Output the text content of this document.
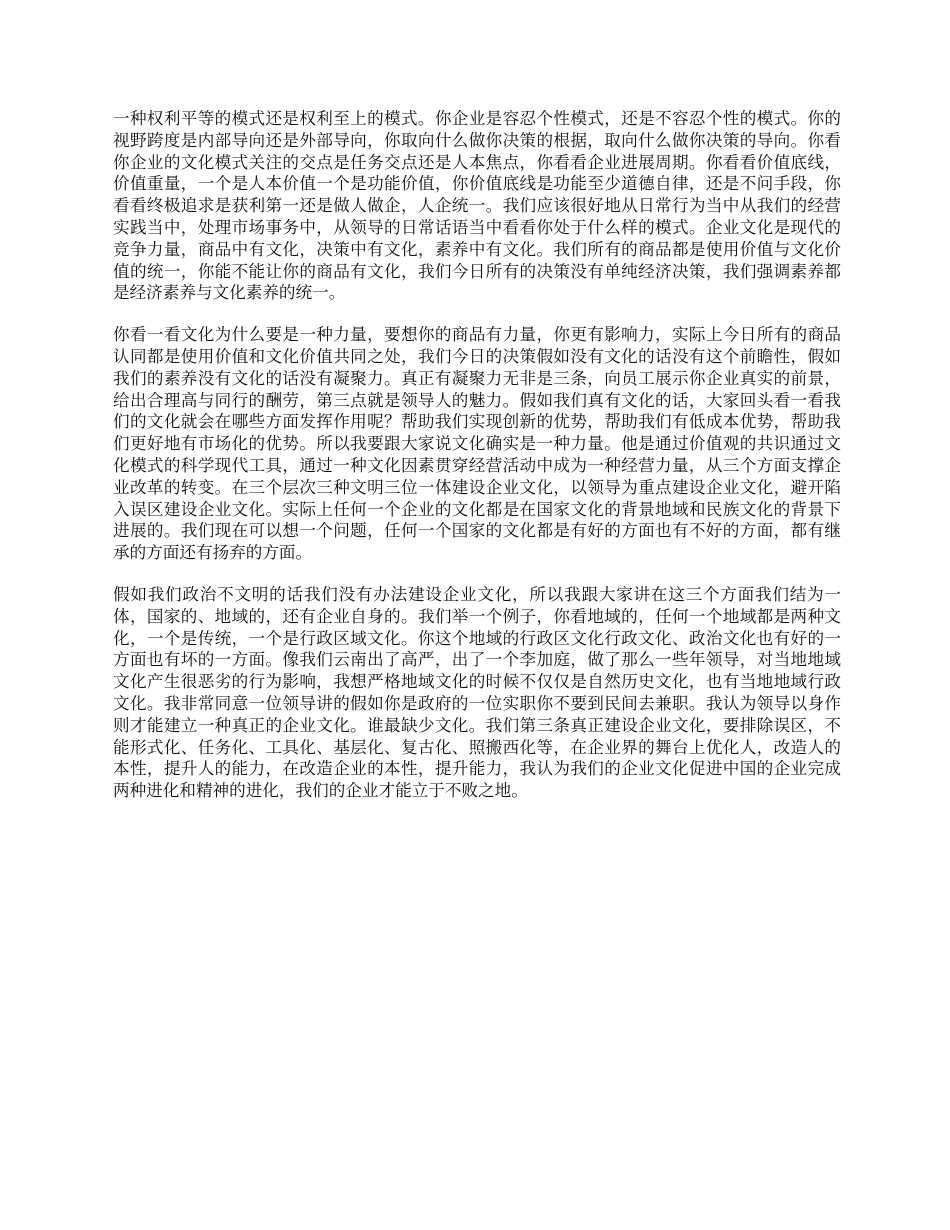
一种权利平等的模式还是权利至上的模式。你企业是容忍个性模式，还是不容忍个性的模式。你的视野跨度是内部导向还是外部导向，你取向什么做你决策的根据，取向什么做你决策的导向。你看你企业的文化模式关注的交点是任务交点还是人本焦点，你看看企业进展周期。你看看价值底线，价值重量，一个是人本价值一个是功能价值，你价值底线是功能至少道德自律，还是不问手段，你看看终极追求是获利第一还是做人做企，人企统一。我们应该很好地从日常行为当中从我们的经营实践当中，处理市场事务中，从领导的日常话语当中看看你处于什么样的模式。企业文化是现代的竞争力量，商品中有文化，决策中有文化，素养中有文化。我们所有的商品都是使用价值与文化价值的统一，你能不能让你的商品有文化，我们今日所有的决策没有单纯经济决策，我们强调素养都是经济素养与文化素养的统一。

你看一看文化为什么要是一种力量，要想你的商品有力量，你更有影响力，实际上今日所有的商品认同都是使用价值和文化价值共同之处，我们今日的决策假如没有文化的话没有这个前瞻性，假如我们的素养没有文化的话没有凝聚力。真正有凝聚力无非是三条，向员工展示你企业真实的前景，给出合理高与同行的酬劳，第三点就是领导人的魅力。假如我们真有文化的话，大家回头看一看我们的文化就会在哪些方面发挥作用呢？帮助我们实现创新的优势，帮助我们有低成本优势，帮助我们更好地有市场化的优势。所以我要跟大家说文化确实是一种力量。他是通过价值观的共识通过文化模式的科学现代工具，通过一种文化因素贯穿经营活动中成为一种经营力量，从三个方面支撑企业改革的转变。在三个层次三种文明三位一体建设企业文化，以领导为重点建设企业文化，避开陷入误区建设企业文化。实际上任何一个企业的文化都是在国家文化的背景地域和民族文化的背景下进展的。我们现在可以想一个问题，任何一个国家的文化都是有好的方面也有不好的方面，都有继承的方面还有扬弃的方面。

假如我们政治不文明的话我们没有办法建设企业文化，所以我跟大家讲在这三个方面我们结为一体，国家的、地域的，还有企业自身的。我们举一个例子，你看地域的，任何一个地域都是两种文化，一个是传统，一个是行政区域文化。你这个地域的行政区文化行政文化、政治文化也有好的一方面也有坏的一方面。像我们云南出了高严，出了一个李加庭，做了那么一些年领导，对当地地域文化产生很恶劣的行为影响，我想严格地域文化的时候不仅仅是自然历史文化，也有当地地域行政文化。我非常同意一位领导讲的假如你是政府的一位实职你不要到民间去兼职。我认为领导以身作则才能建立一种真正的企业文化。谁最缺少文化。我们第三条真正建设企业文化，要排除误区，不能形式化、任务化、工具化、基层化、复古化、照搬西化等，在企业界的舞台上优化人，改造人的本性，提升人的能力，在改造企业的本性，提升能力，我认为我们的企业文化促进中国的企业完成两种进化和精神的进化，我们的企业才能立于不败之地。
